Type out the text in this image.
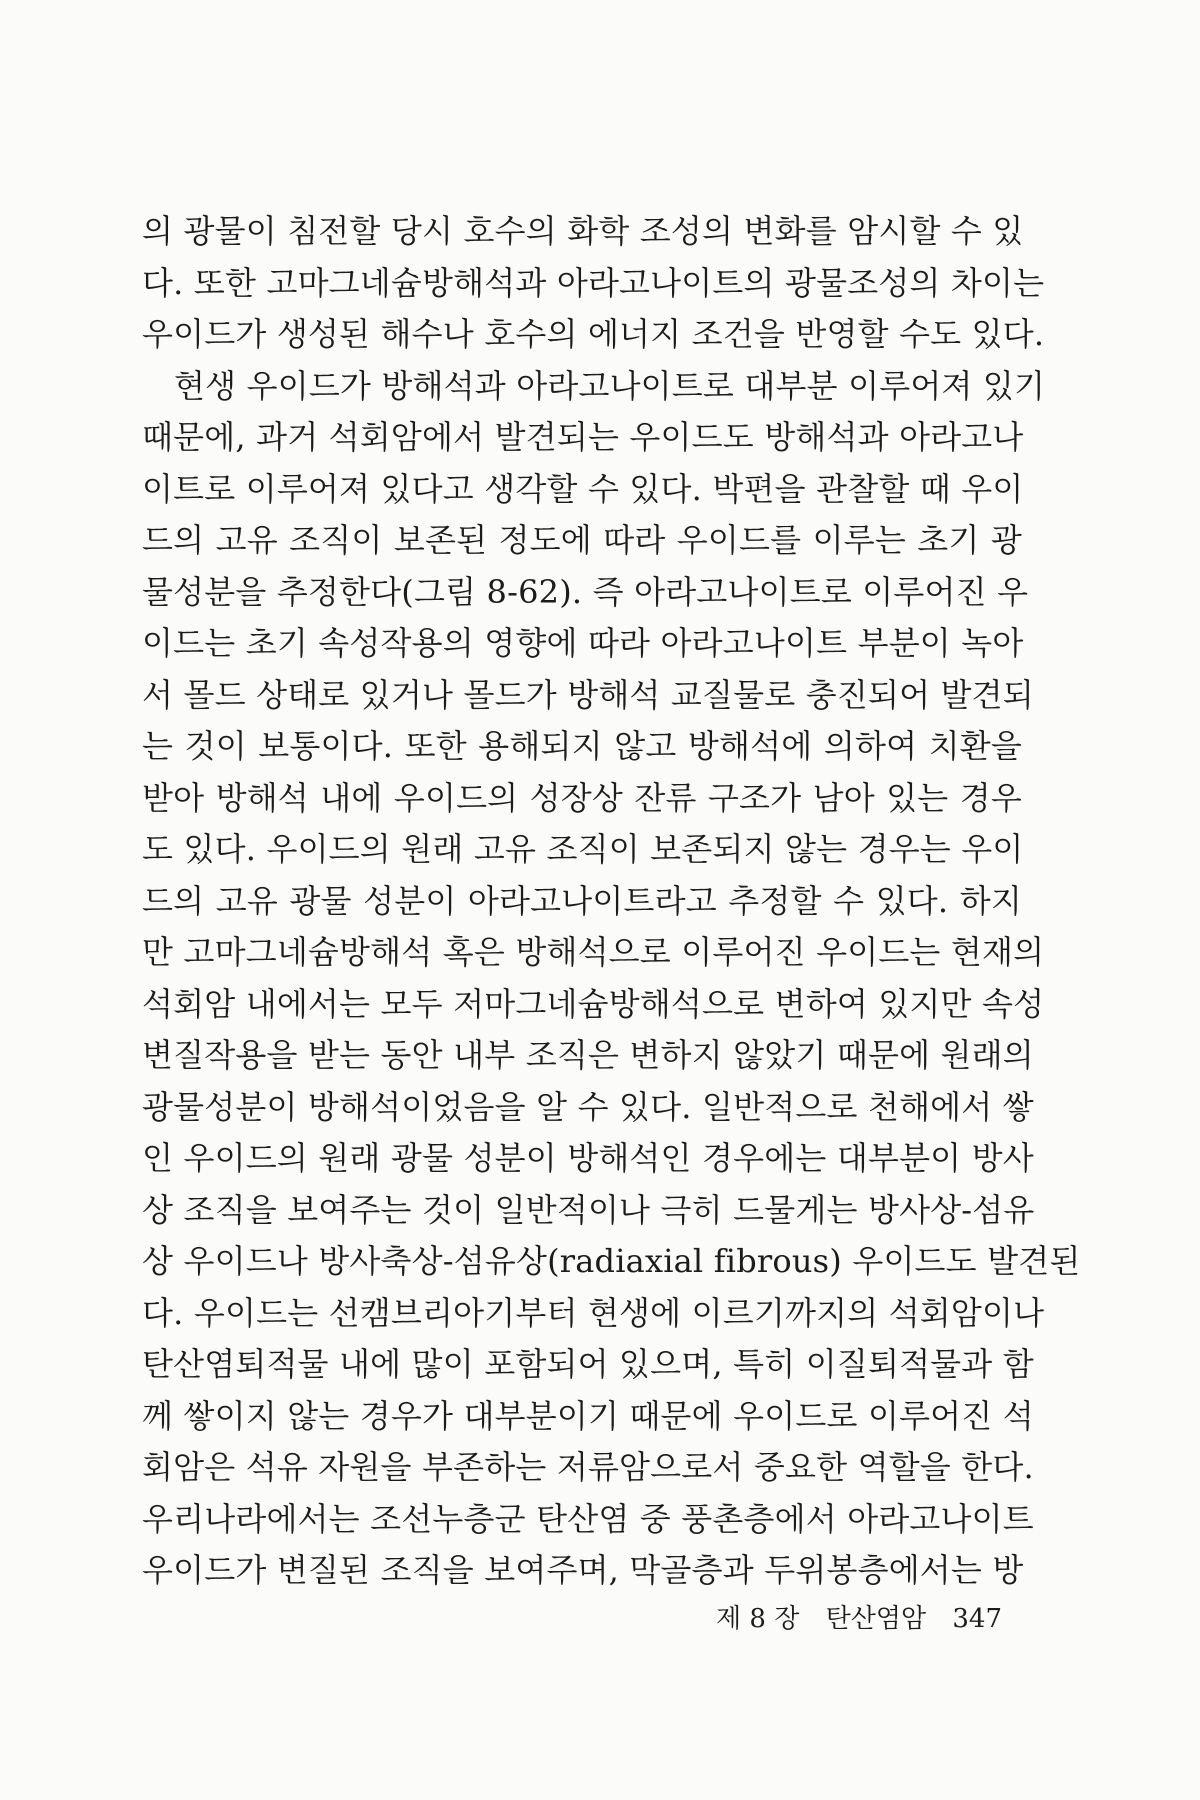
의 광물이 침전할 당시 호수의 화학 조성의 변화를 암시할 수 있
다. 또한 고마그네슘방해석과 아라고나이트의 광물조성의 차이는
우이드가 생성된 해수나 호수의 에너지 조건을 반영할 수도 있다.
현생 우이드가 방해석과 아라고나이트로 대부분 이루어져 있기
때문에, 과거 석회암에서 발견되는 우이드도 방해석과 아라고나
이트로 이루어져 있다고 생각할 수 있다. 박편을 관찰할 때 우이
드의 고유 조직이 보존된 정도에 따라 우이드를 이루는 초기 광
물성분을 추정한다(그림 8-62). 즉 아라고나이트로 이루어진 우
이드는 초기 속성작용의 영향에 따라 아라고나이트 부분이 녹아
서 몰드 상태로 있거나 몰드가 방해석 교질물로 충진되어 발견되
는 것이 보통이다. 또한 용해되지 않고 방해석에 의하여 치환을
받아 방해석 내에 우이드의 성장상 잔류 구조가 남아 있는 경우
도 있다. 우이드의 원래 고유 조직이 보존되지 않는 경우는 우이
드의 고유 광물 성분이 아라고나이트라고 추정할 수 있다. 하지
만 고마그네슘방해석 혹은 방해석으로 이루어진 우이드는 현재의
석회암 내에서는 모두 저마그네슘방해석으로 변하여 있지만 속성
변질작용을 받는 동안 내부 조직은 변하지 않았기 때문에 원래의
광물성분이 방해석이었음을 알 수 있다. 일반적으로 천해에서 쌓
인 우이드의 원래 광물 성분이 방해석인 경우에는 대부분이 방사
상 조직을 보여주는 것이 일반적이나 극히 드물게는 방사상-섬유
상 우이드나 방사축상-섬유상(radiaxial fibrous) 우이드도 발견된
다. 우이드는 선캠브리아기부터 현생에 이르기까지의 석회암이나
탄산염퇴적물 내에 많이 포함되어 있으며, 특히 이질퇴적물과 함
께 쌓이지 않는 경우가 대부분이기 때문에 우이드로 이루어진 석
회암은 석유 자원을 부존하는 저류암으로서 중요한 역할을 한다.
우리나라에서는 조선누층군 탄산염 중 풍촌층에서 아라고나이트
우이드가 변질된 조직을 보여주며, 막골층과 두위봉층에서는 방
제 8 장 탄산염암 347
